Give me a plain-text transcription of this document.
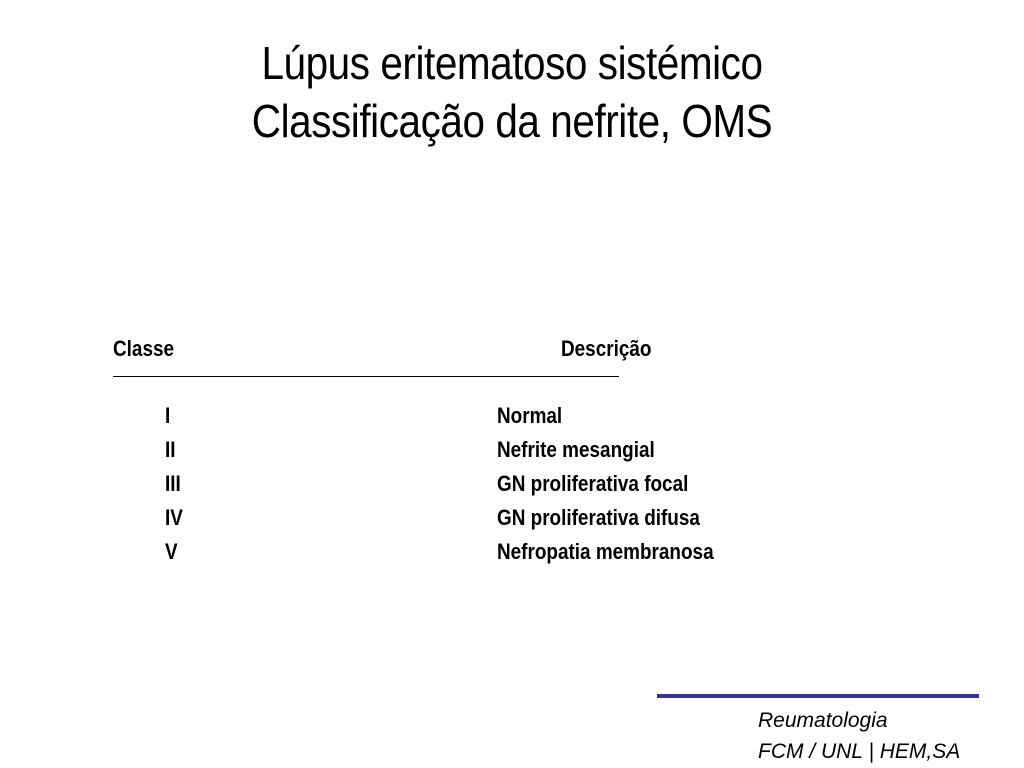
Lúpus eritematoso sistémico
Classificação da nefrite, OMS
Classe	Descrição
I	Normal
II	Nefrite mesangial
III	GN proliferativa focal
IV	GN proliferativa difusa
V	Nefropatia membranosa
Reumatologia
FCM / UNL | HEM,SA
